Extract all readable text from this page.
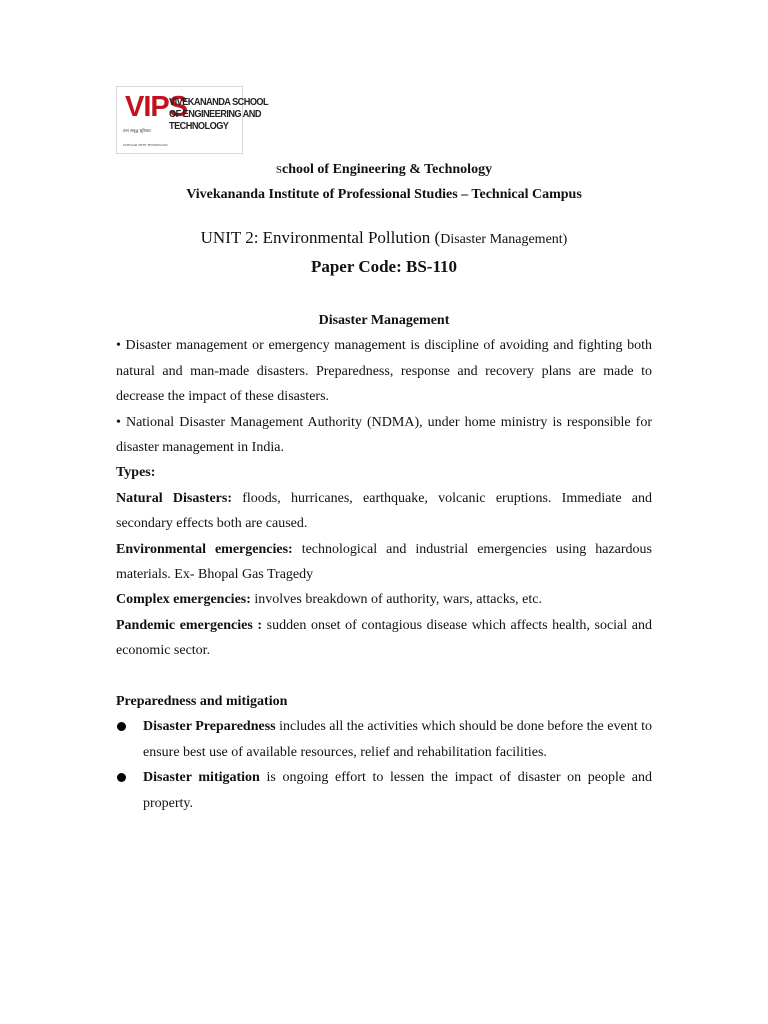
VIPS
ज्ञान समृद्ध सुविचार
SCHOLAR WITH TECHNOLOGY
VIVEKANANDA SCHOOL
OF ENGINEERING AND
TECHNOLOGY
School of Engineering & Technology
Vivekananda Institute of Professional Studies – Technical Campus
UNIT 2: Environmental Pollution (Disaster Management)
Paper Code: BS-110

Disaster Management

• Disaster management or emergency management is discipline of avoiding and fighting both natural and man-made disasters. Preparedness, response and recovery plans are made to decrease the impact of these disasters.

• National Disaster Management Authority (NDMA), under home ministry is responsible for disaster management in India.

Types:

Natural Disasters: floods, hurricanes, earthquake, volcanic eruptions. Immediate and secondary effects both are caused.

Environmental emergencies: technological and industrial emergencies using hazardous materials. Ex- Bhopal Gas Tragedy

Complex emergencies: involves breakdown of authority, wars, attacks, etc.

Pandemic emergencies : sudden onset of contagious disease which affects health, social and economic sector.

Preparedness and mitigation

Disaster Preparedness includes all the activities which should be done before the event to ensure best use of available resources, relief and rehabilitation facilities.
Disaster mitigation is ongoing effort to lessen the impact of disaster on people and property.
